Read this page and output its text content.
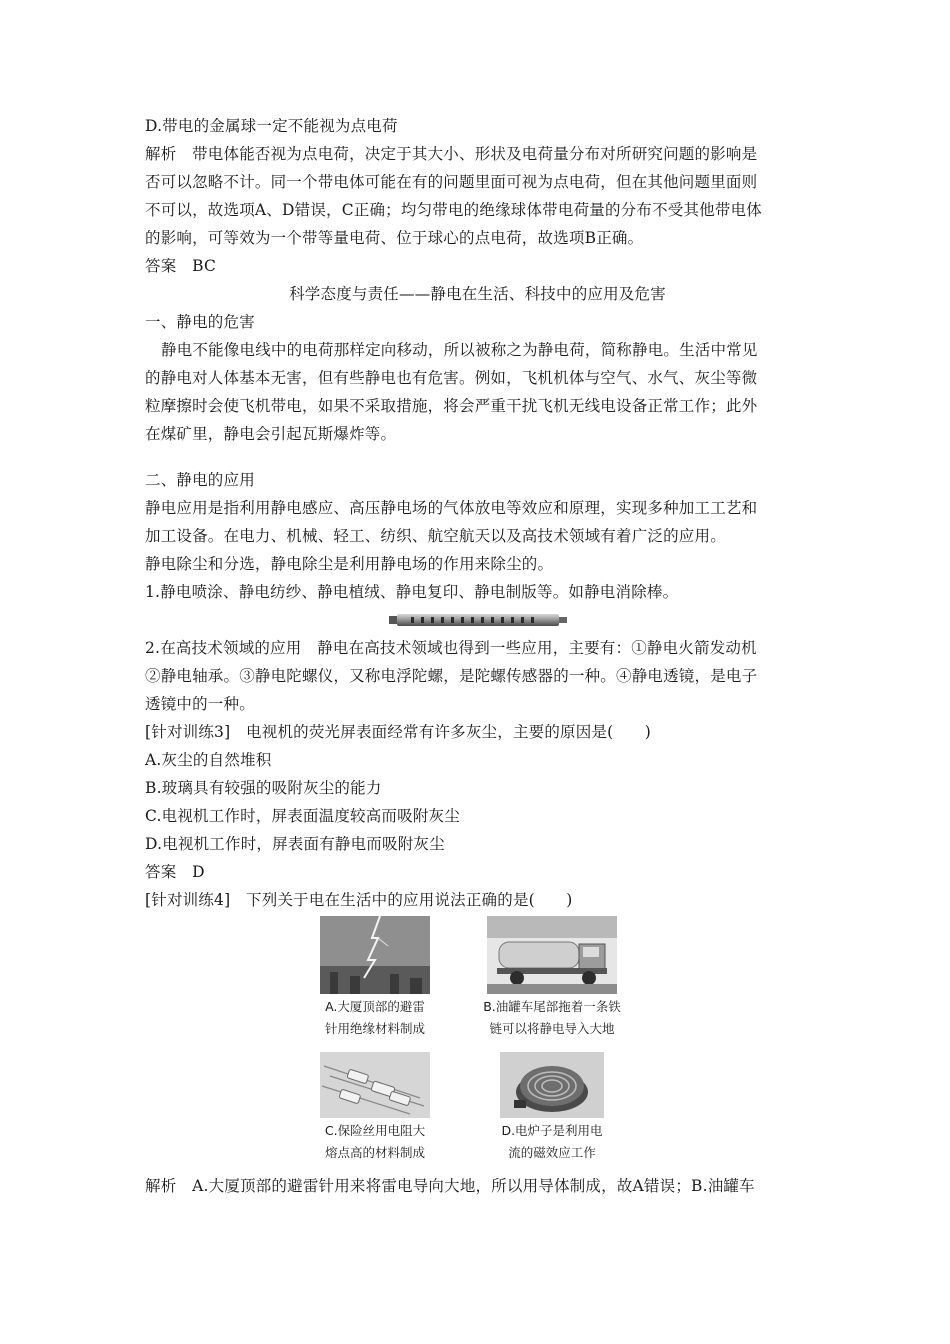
D.带电的金属球一定不能视为点电荷
解析　带电体能否视为点电荷，决定于其大小、形状及电荷量分布对所研究问题的影响是
否可以忽略不计。同一个带电体可能在有的问题里面可视为点电荷，但在其他问题里面则
不可以，故选项A、D错误，C正确；均匀带电的绝缘球体带电荷量的分布不受其他带电体
的影响，可等效为一个带等量电荷、位于球心的点电荷，故选项B正确。
答案　BC
科学态度与责任——静电在生活、科技中的应用及危害
一、静电的危害
静电不能像电线中的电荷那样定向移动，所以被称之为静电荷，简称静电。生活中常见
的静电对人体基本无害，但有些静电也有危害。例如，飞机机体与空气、水气、灰尘等微
粒摩擦时会使飞机带电，如果不采取措施，将会严重干扰飞机无线电设备正常工作；此外
在煤矿里，静电会引起瓦斯爆炸等。
二、静电的应用
静电应用是指利用静电感应、高压静电场的气体放电等效应和原理，实现多种加工工艺和
加工设备。在电力、机械、轻工、纺织、航空航天以及高技术领域有着广泛的应用。
静电除尘和分选，静电除尘是利用静电场的作用来除尘的。
1.静电喷涂、静电纺纱、静电植绒、静电复印、静电制版等。如静电消除棒。
2.在高技术领域的应用　静电在高技术领域也得到一些应用，主要有：①静电火箭发动机
②静电轴承。③静电陀螺仪，又称电浮陀螺，是陀螺传感器的一种。④静电透镜，是电子
透镜中的一种。
[针对训练3]　电视机的荧光屏表面经常有许多灰尘，主要的原因是(　　)
A.灰尘的自然堆积
B.玻璃具有较强的吸附灰尘的能力
C.电视机工作时，屏表面温度较高而吸附灰尘
D.电视机工作时，屏表面有静电而吸附灰尘
答案　D
[针对训练4]　下列关于电在生活中的应用说法正确的是(　　)
A.大厦顶部的避雷
针用绝缘材料制成
B.油罐车尾部拖着一条铁
链可以将静电导入大地
C.保险丝用电阻大
熔点高的材料制成
D.电炉子是利用电
流的磁效应工作
解析　A.大厦顶部的避雷针用来将雷电导向大地，所以用导体制成，故A错误；B.油罐车
